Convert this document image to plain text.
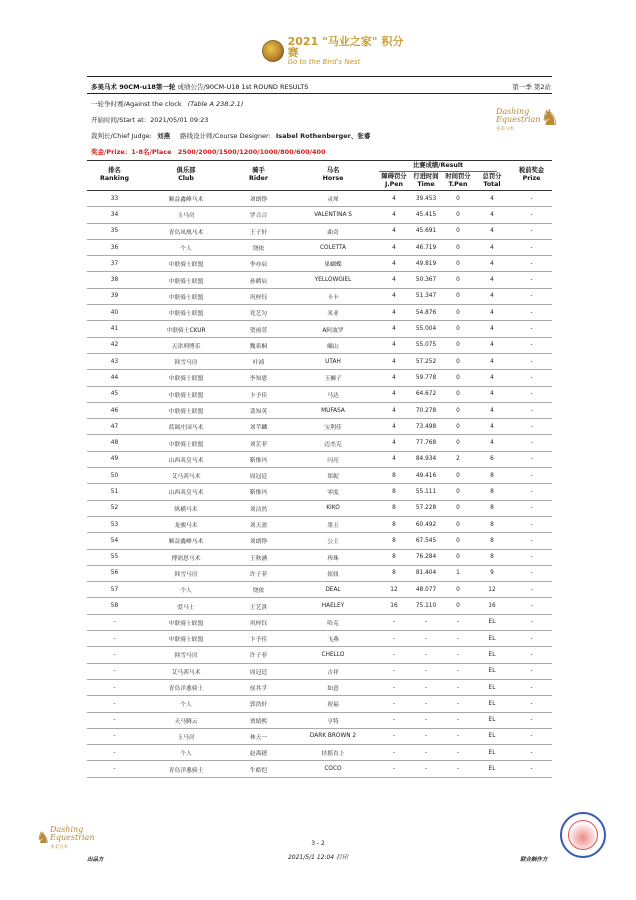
2021 "马业之家" 积分赛
Go to the Bird's Nest
多美马术 90CM-u18第一轮 成绩公告/90CM-U18 1st ROUND RESULTS	第一季 第2站
一轮争时赛/Against the clock (Table A 238.2.1)
开始时间/Start at：2021/05/01 09:23
裁判长/Chief Judge: 刘燕 路线设计师/Course Designer: Isabel Rothenberger、张睿
奖金/Prize：1-8名/Place 2500/2000/1500/1200/1000/800/600/400
Dashing
Equestrian
多美马术	♞
排名
Ranking
俱乐部
Club
骑手
Rider
马名
Horse
比赛成绩/Result
障碍罚分
J.Pen
行进时间
Time
时间罚分
T.Pen
总罚分
Total
税前奖金
Prize
33	顺益鑫峰马术	刘朗铮	灵犀	4	39.453	0	4	-
34	玉马房	罗合合	VALENTINA S	4	45.415	0	4	-
35	青岛凤凰马术	王子轩	曲奇	4	45.691	0	4	-
36	个人	饶依	COLETTA	4	46.719	0	4	-
37	中联骑士联盟	李亦辰	果蝴蝶	4	49.819	0	4	-
38	中联骑士联盟	孙鹤辰	YELLOWGIEL	4	50.367	0	4	-
39	中联骑士联盟	巩梓钰	卡卡	4	51.347	0	4	-
40	中联骑士联盟	党艺匀	米亚	4	54.876	0	4	-
41	中联骑士CKUR	贺雨萱	A阿波罗	4	55.004	0	4	-
42	天津刑博乐	魏希桐	嘟山	4	55.075	0	4	-
43	韩雪马房	叶祯	UTAH	4	57.252	0	4	-
44	中联骑士联盟	李知恩	玉狮子	4	59.778	0	4	-
45	中联骑士联盟	卞予佳	马达	4	64.672	0	4	-
46	中联骑士联盟	裴知英	MUFASA	4	70.278	0	4	-
47	蓝调庄园马术	刘芊麟	宝利佳	4	73.498	0	4	-
48	中联骑士联盟	刘芷菲	迈杰克	4	77.768	0	4	-
49	山西英皇马术	靳惟玛	闪亮	4	84.934	2	6	-
50	艾马茜马术	周冠廷	郑妮	8	49.416	0	8	-
51	山西英皇马术	靳惟玛	零度	8	55.111	0	8	-
52	纵横马术	刘洁然	KIKO	8	57.228	0	8	-
53	龙骏马术	刘天盈	墨玉	8	60.492	0	8	-
54	顺益鑫峰马术	刘朗铮	公主	8	67.545	0	8	-
55	博润思马术	王秋涵	珍珠	8	76.284	0	8	-
56	韩雪马房	许子菲	妞妞	8	81.404	1	9	-
57	个人	饶依	DEAL	12	48.077	0	12	-
58	爱马士	王艺淇	HAELEY	16	75.110	0	16	-
-	中联骑士联盟	巩梓钰	哈克	-	-	-	EL	-
-	中联骑士联盟	卞予佳	飞燕	-	-	-	EL	-
-	韩雪马房	许子菲	CHELLO	-	-	-	EL	-
-	艾马茜马术	周冠廷	吉祥	-	-	-	EL	-
-	青岛洋葱骑士	侯其孚	如意	-	-	-	EL	-
-	个人	郭浩轩	祝福	-	-	-	EL	-
-	天马腾云	贾婧熙	亨特	-	-	-	EL	-
-	玉马房	林天一	DARK BROWN 2	-	-	-	EL	-
-	个人	赵禹捷	扶摇直上	-	-	-	EL	-
-	青岛洋葱骑士	牛皓恺	COCO	-	-	-	EL	-
Dashing
Equestrian
多美马术
♞	3 - 2
2021/5/1 12:04 打印
出品方	联合制作方
